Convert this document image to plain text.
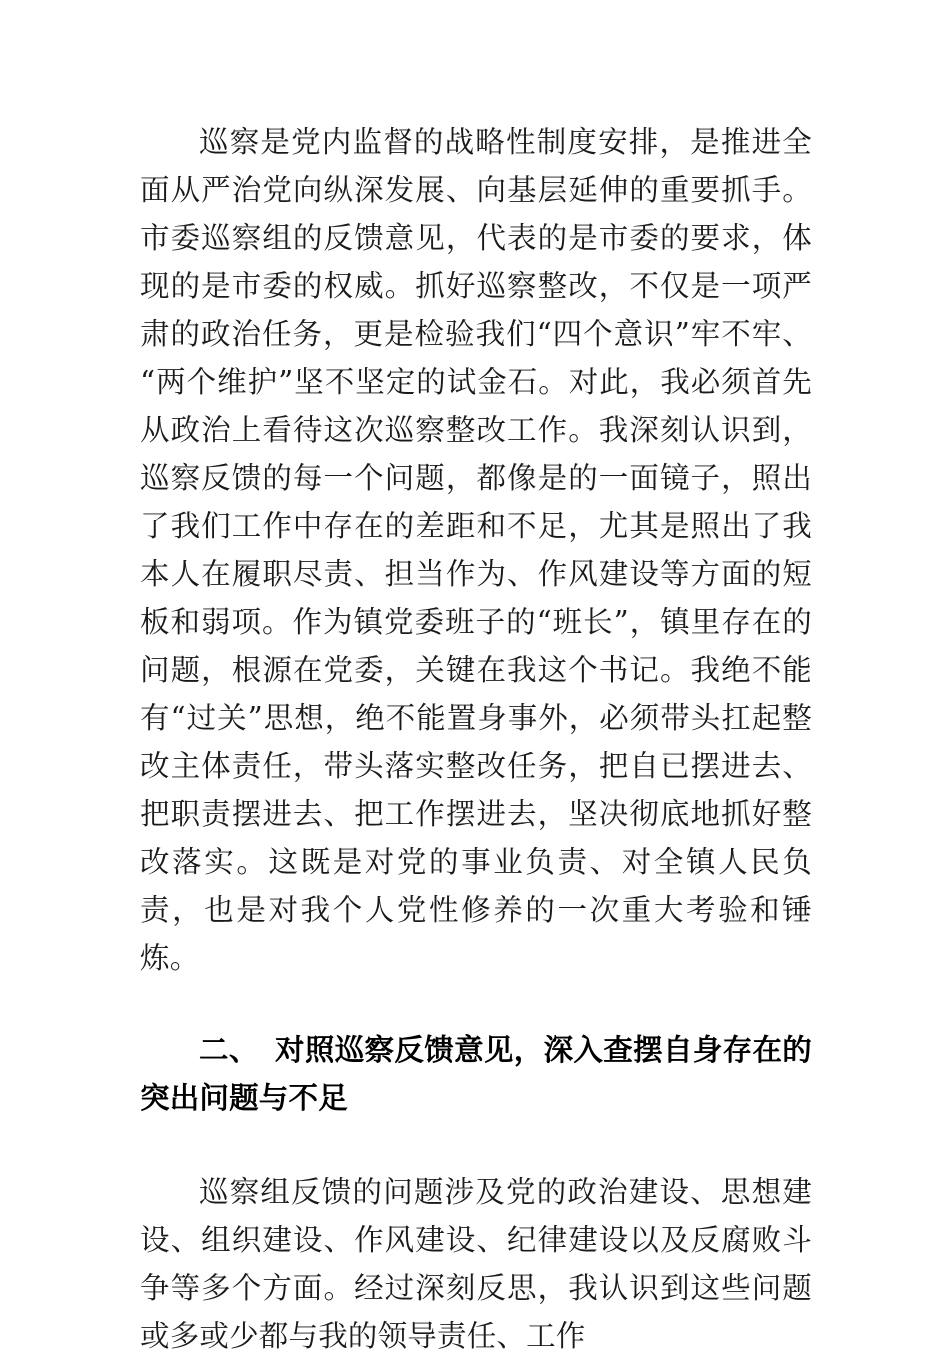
巡察是党内监督的战略性制度安排，是推进全面从严治党向纵深发展、向基层延伸的重要抓手。市委巡察组的反馈意见，代表的是市委的要求，体现的是市委的权威。抓好巡察整改，不仅是一项严肃的政治任务，更是检验我们“四个意识”牢不牢、“两个维护”坚不坚定的试金石。对此，我必须首先从政治上看待这次巡察整改工作。我深刻认识到，巡察反馈的每一个问题，都像是的一面镜子，照出了我们工作中存在的差距和不足，尤其是照出了我本人在履职尽责、担当作为、作风建设等方面的短板和弱项。作为镇党委班子的“班长”，镇里存在的问题，根源在党委，关键在我这个书记。我绝不能有“过关”思想，绝不能置身事外，必须带头扛起整改主体责任，带头落实整改任务，把自已摆进去、把职责摆进去、把工作摆进去，坚决彻底地抓好整改落实。这既是对党的事业负责、对全镇人民负责，也是对我个人党性修养的一次重大考验和锤炼。

二、 对照巡察反馈意见，深入查摆自身存在的突出问题与不足

巡察组反馈的问题涉及党的政治建设、思想建设、组织建设、作风建设、纪律建设以及反腐败斗争等多个方面。经过深刻反思，我认识到这些问题或多或少都与我的领导责任、工作
